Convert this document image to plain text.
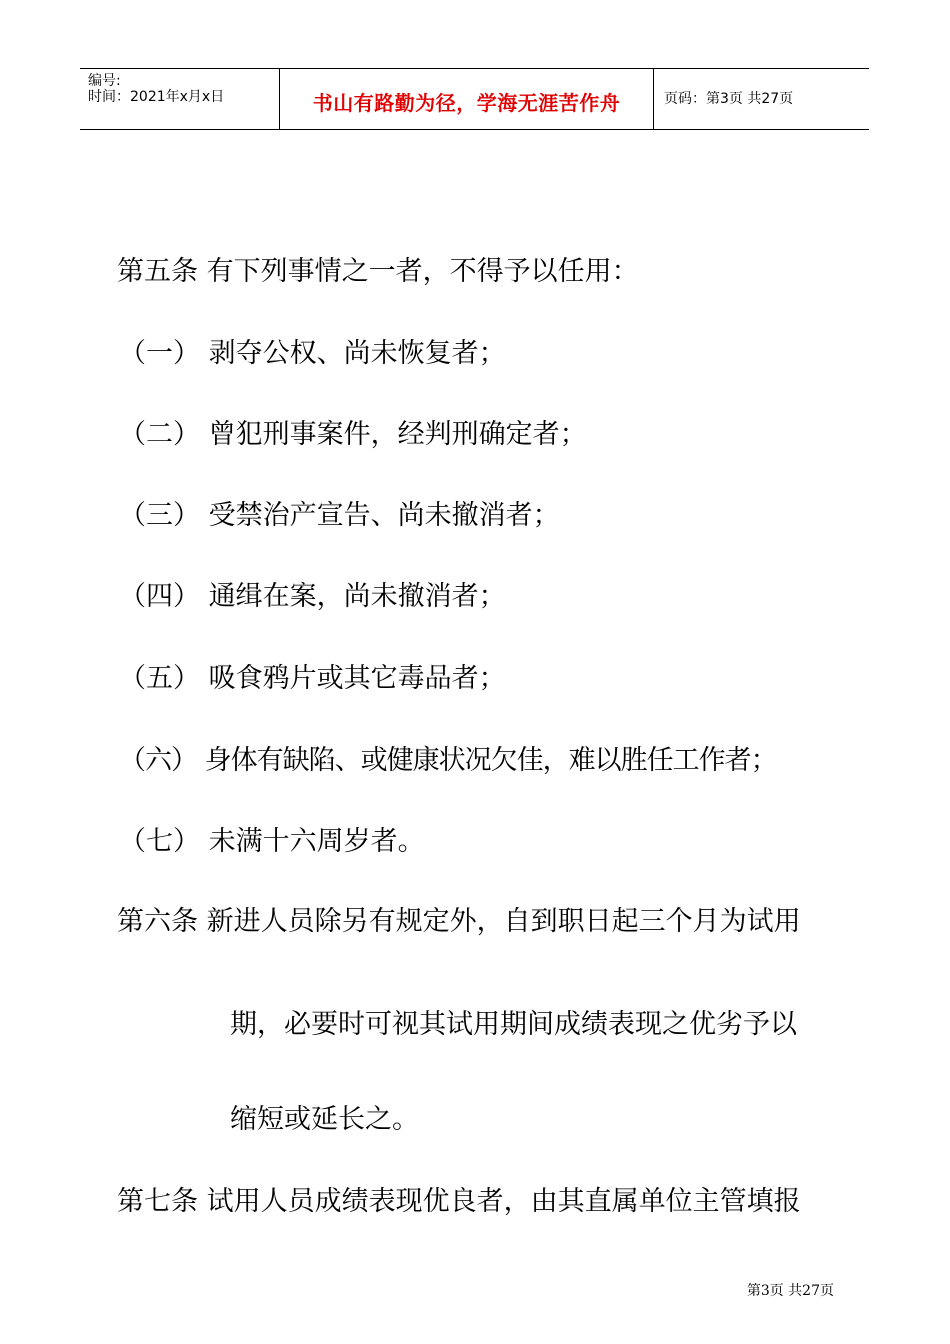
编号:
时间：2021年x月x日	书山有路勤为径，学海无涯苦作舟	页码：第3页 共27页
第五条 有下列事情之一者，不得予以任用：
（一） 剥夺公权、尚未恢复者；
（二） 曾犯刑事案件，经判刑确定者；
（三） 受禁治产宣告、尚未撤消者；
（四） 通缉在案，尚未撤消者；
（五） 吸食鸦片或其它毒品者；
（六） 身体有缺陷、或健康状况欠佳，难以胜任工作者；
（七） 未满十六周岁者。
第六条 新进人员除另有规定外，自到职日起三个月为试用
期，必要时可视其试用期间成绩表现之优劣予以
缩短或延长之。
第七条 试用人员成绩表现优良者，由其直属单位主管填报
第3页 共27页
